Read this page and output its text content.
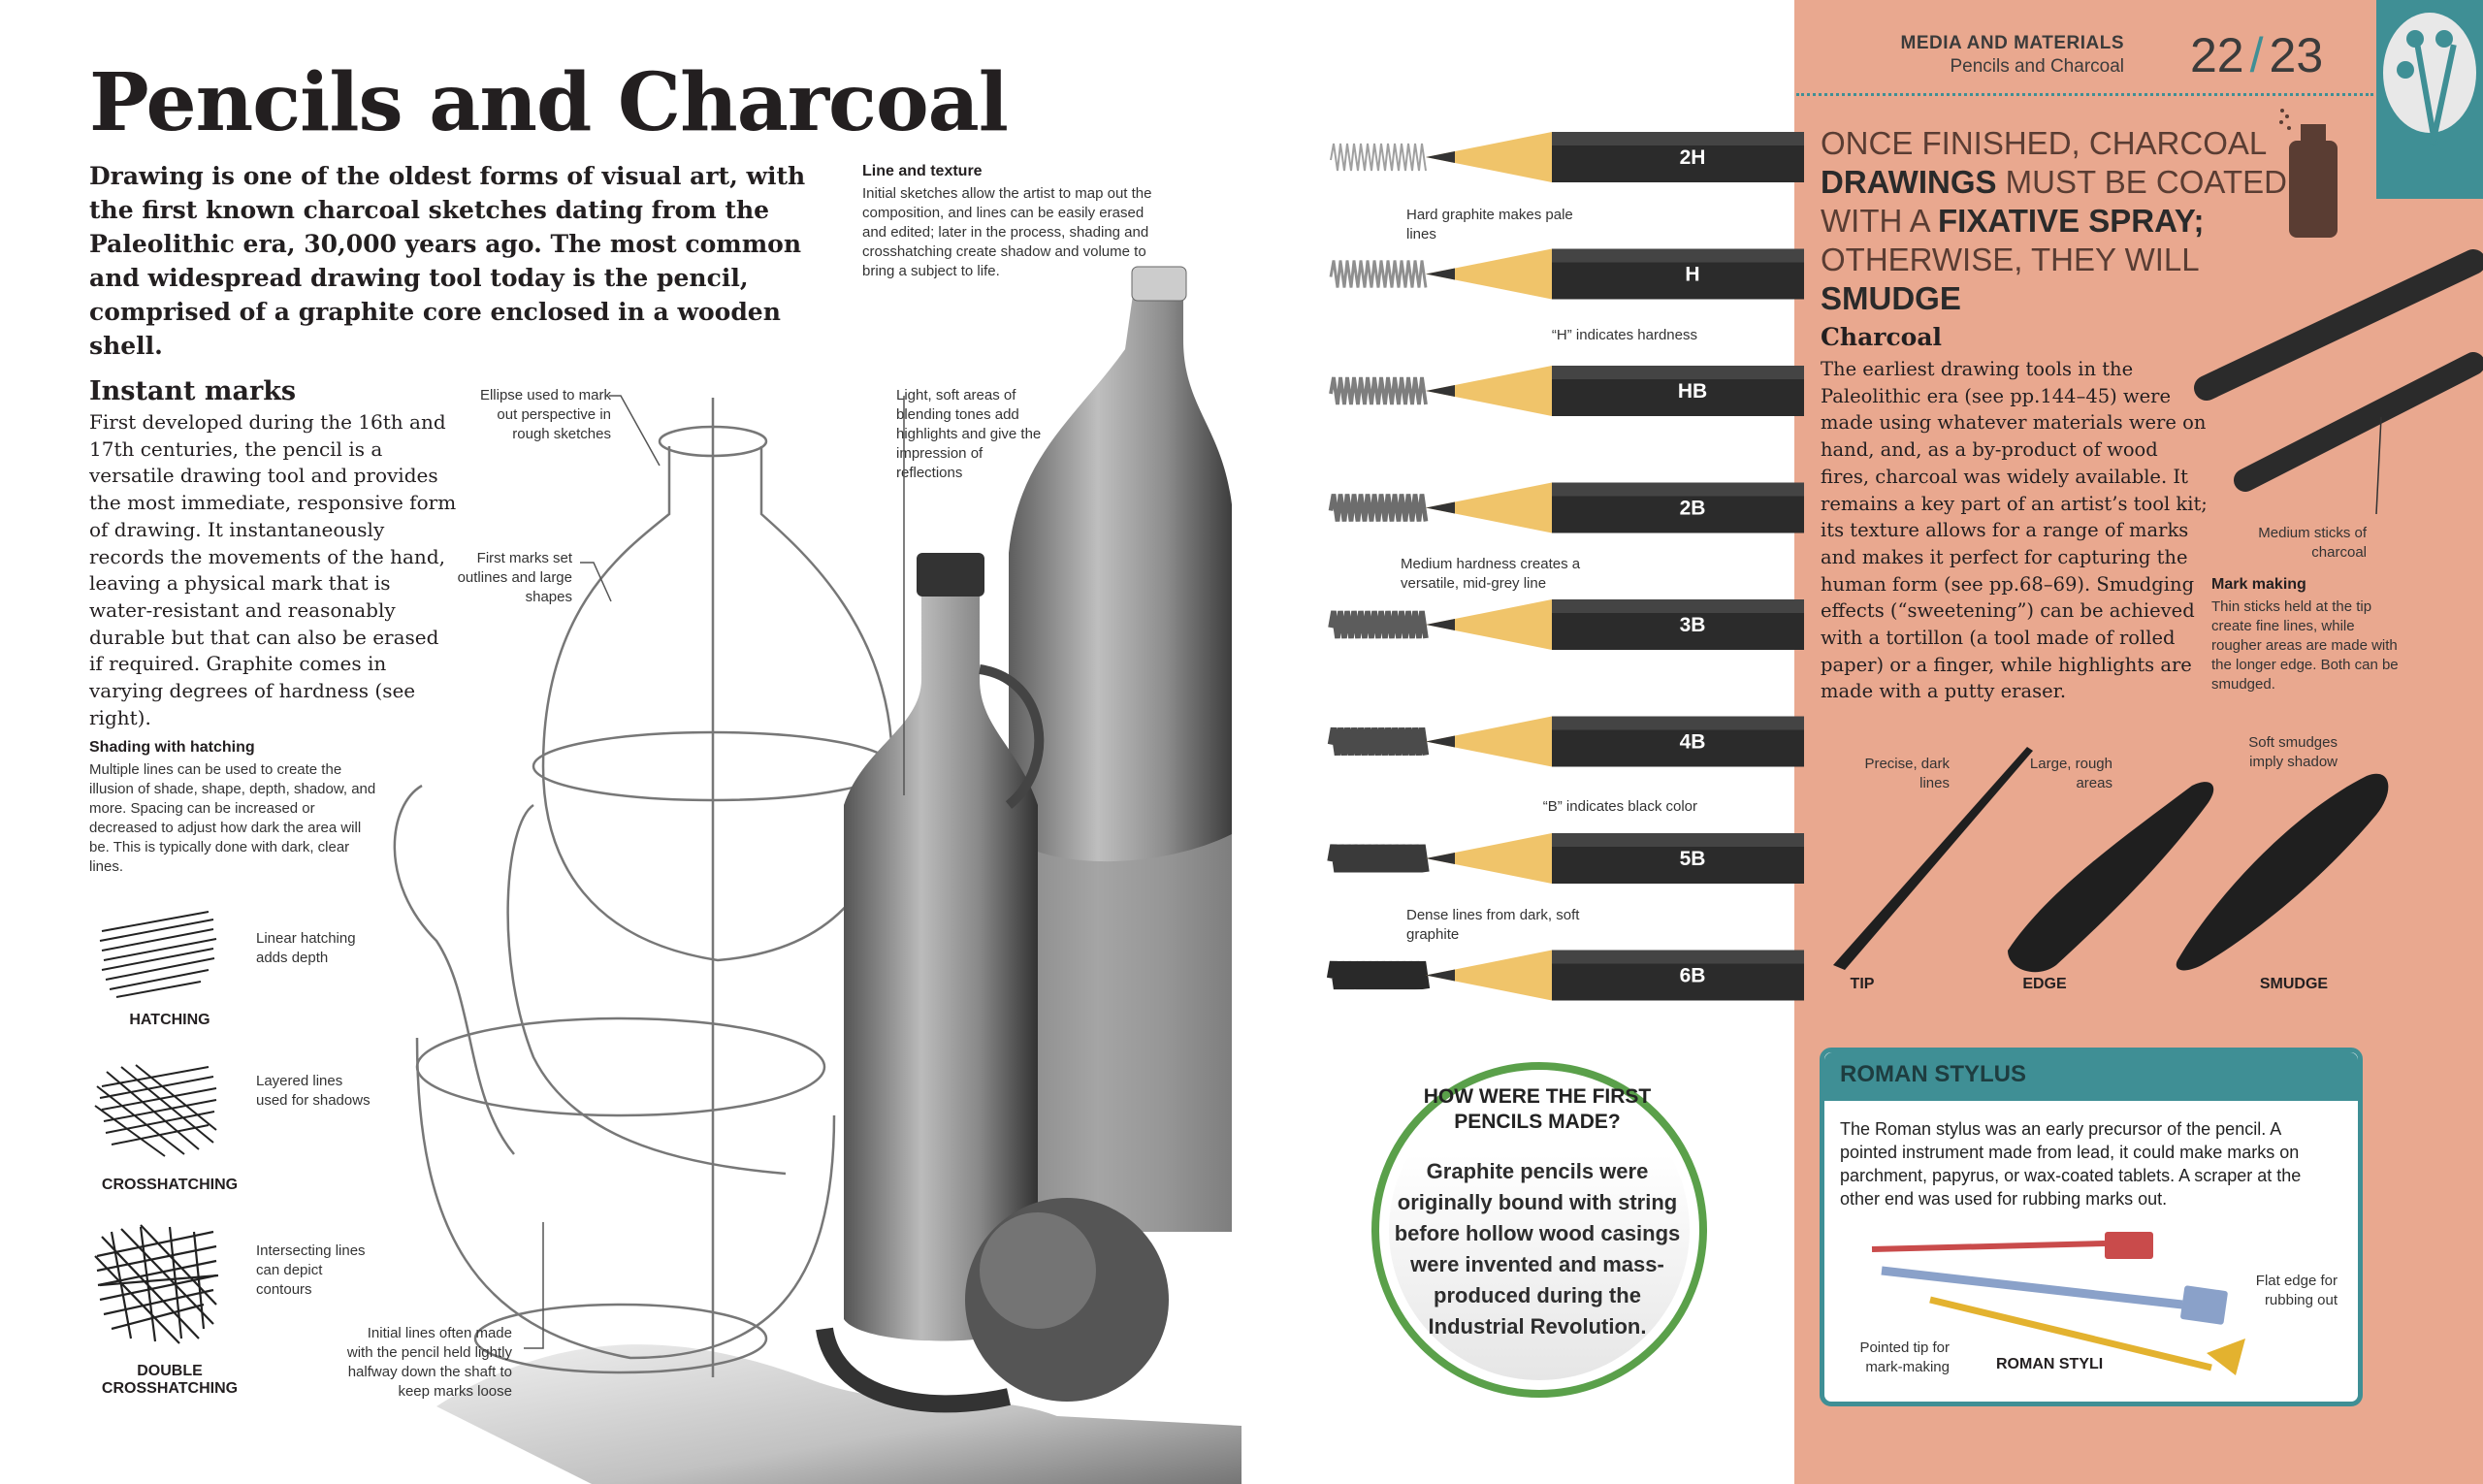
Pencils and Charcoal
Drawing is one of the oldest forms of visual art, with the first known charcoal sketches dating from the Paleolithic era, 30,000 years ago. The most common and widespread drawing tool today is the pencil, comprised of a graphite core enclosed in a wooden shell.
Instant marks
First developed during the 16th and 17th centuries, the pencil is a versatile drawing tool and provides the most immediate, responsive form of drawing. It instantaneously records the movements of the hand, leaving a physical mark that is water-resistant and reasonably durable but that can also be erased if required. Graphite comes in varying degrees of hardness (see right).
Shading with hatching
Multiple lines can be used to create the illusion of shade, shape, depth, shadow, and more. Spacing can be increased or decreased to adjust how dark the area will be. This is typically done with dark, clear lines.
Linear hatching adds depth
HATCHING
Layered lines used for shadows
CROSSHATCHING
Intersecting lines can depict contours
DOUBLE CROSSHATCHING
Line and texture
Initial sketches allow the artist to map out the composition, and lines can be easily erased and edited; later in the process, shading and crosshatching create shadow and volume to bring a subject to life.
Ellipse used to mark out perspective in rough sketches
First marks set outlines and large shapes
Light, soft areas of blending tones add highlights and give the impression of reflections
Initial lines often made with the pencil held lightly halfway down the shaft to keep marks loose
2H
H
HB
2B
3B
4B
5B
6B
Hard graphite makes pale lines
“H” indicates hardness
Medium hardness creates a versatile, mid-grey line
“B” indicates black color
Dense lines from dark, soft graphite
HOW WERE THE FIRST PENCILS MADE?
Graphite pencils were originally bound with string before hollow wood casings were invented and mass-produced during the Industrial Revolution.
MEDIA AND MATERIALS
Pencils and Charcoal 22 / 23
ONCE FINISHED, CHARCOAL DRAWINGS MUST BE COATED WITH A FIXATIVE SPRAY; OTHERWISE, THEY WILL SMUDGE
Medium sticks of charcoal
Charcoal
The earliest drawing tools in the Paleolithic era (see pp.144–45) were made using whatever materials were on hand, and, as a by-product of wood fires, charcoal was widely available. It remains a key part of an artist’s tool kit; its texture allows for a range of marks and makes it perfect for capturing the human form (see pp.68–69). Smudging effects (“sweetening”) can be achieved with a tortillon (a tool made of rolled paper) or a finger, while highlights are made with a putty eraser.
Mark making
Thin sticks held at the tip create fine lines, while rougher areas are made with the longer edge. Both can be smudged.
Precise, dark lines
Large, rough areas
Soft smudges imply shadow
TIP	EDGE	SMUDGE
ROMAN STYLUS
The Roman stylus was an early precursor of the pencil. A pointed instrument made from lead, it could make marks on parchment, papyrus, or wax-coated tablets. A scraper at the other end was used for rubbing marks out.
Flat edge for rubbing out
Pointed tip for mark-making	ROMAN STYLI
